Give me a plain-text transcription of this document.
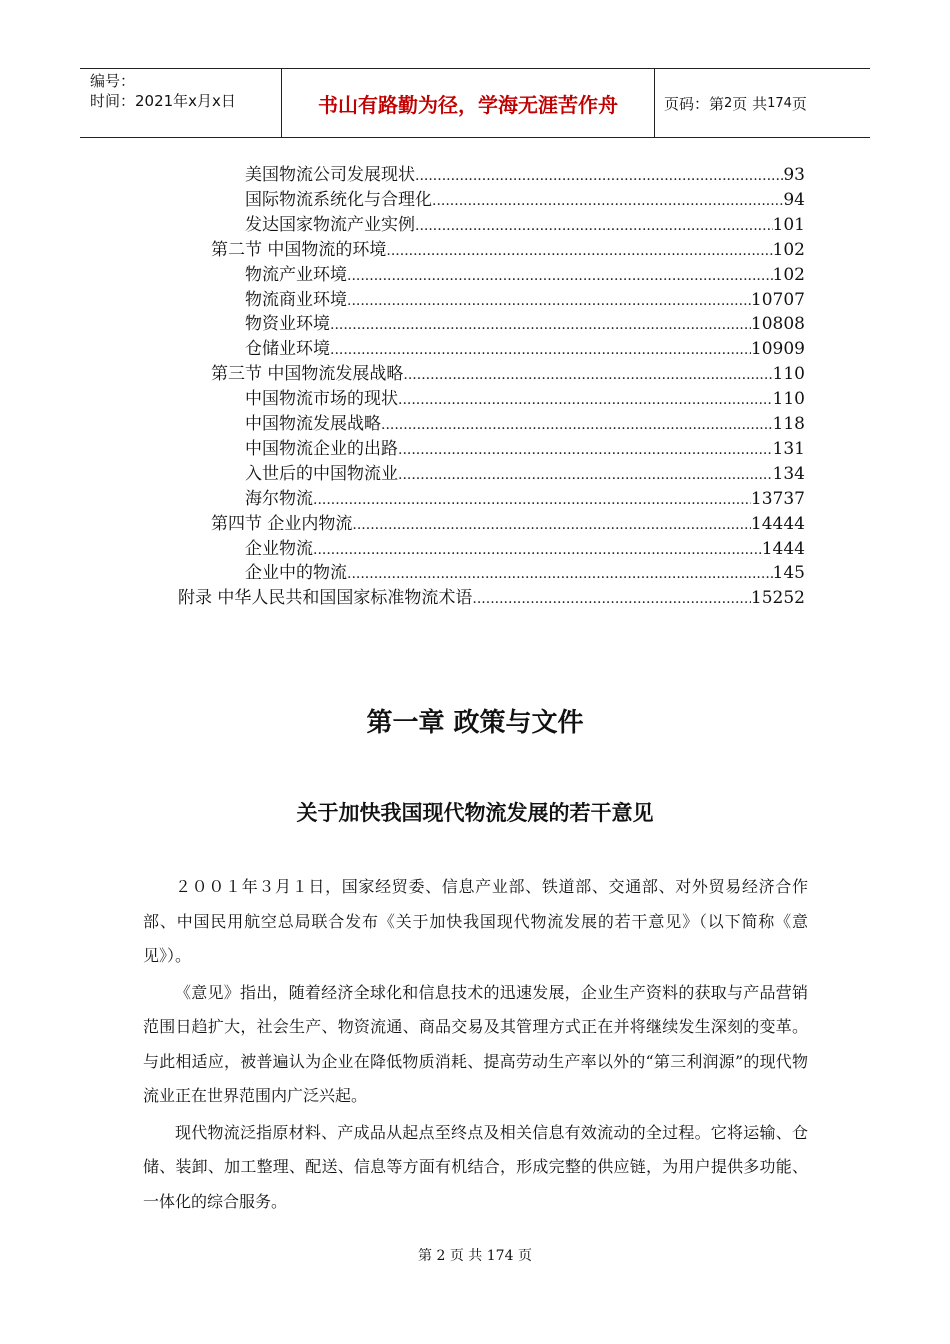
编号：
时间：2021年x月x日	书山有路勤为径，学海无涯苦作舟	页码：第 2 页 共 174 页
美国物流公司发展现状 .....	93
国际物流系统化与合理化 .....	94
发达国家物流产业实例 .....	101
第二节 中国物流的环境 .....	102
物流产业环境 .....	102
物流商业环境 .....	10707
物资业环境 .....	10808
仓储业环境 .....	10909
第三节 中国物流发展战略 .....	110
中国物流市场的现状 .....	110
中国物流发展战略 .....	118
中国物流企业的出路 .....	131
入世后的中国物流业 .....	134
海尔物流 .....	13737
第四节 企业内物流 .....	14444
企业物流 .....	1444
企业中的物流 .....	145
附录 中华人民共和国国家标准物流术语 .....	15252
第一章 政策与文件
关于加快我国现代物流发展的若干意见

２００１年３月１日，国家经贸委、信息产业部、铁道部、交通部、对外贸易经济合作部、中国民用航空总局联合发布《关于加快我国现代物流发展的若干意见》（以下简称《意见》）。

《意见》指出，随着经济全球化和信息技术的迅速发展，企业生产资料的获取与产品营销范围日趋扩大，社会生产、物资流通、商品交易及其管理方式正在并将继续发生深刻的变革。与此相适应，被普遍认为企业在降低物质消耗、提高劳动生产率以外的“第三利润源”的现代物流业正在世界范围内广泛兴起。

现代物流泛指原材料、产成品从起点至终点及相关信息有效流动的全过程。它将运输、仓储、装卸、加工整理、配送、信息等方面有机结合，形成完整的供应链，为用户提供多功能、一体化的综合服务。

第 2 页 共 174 页
